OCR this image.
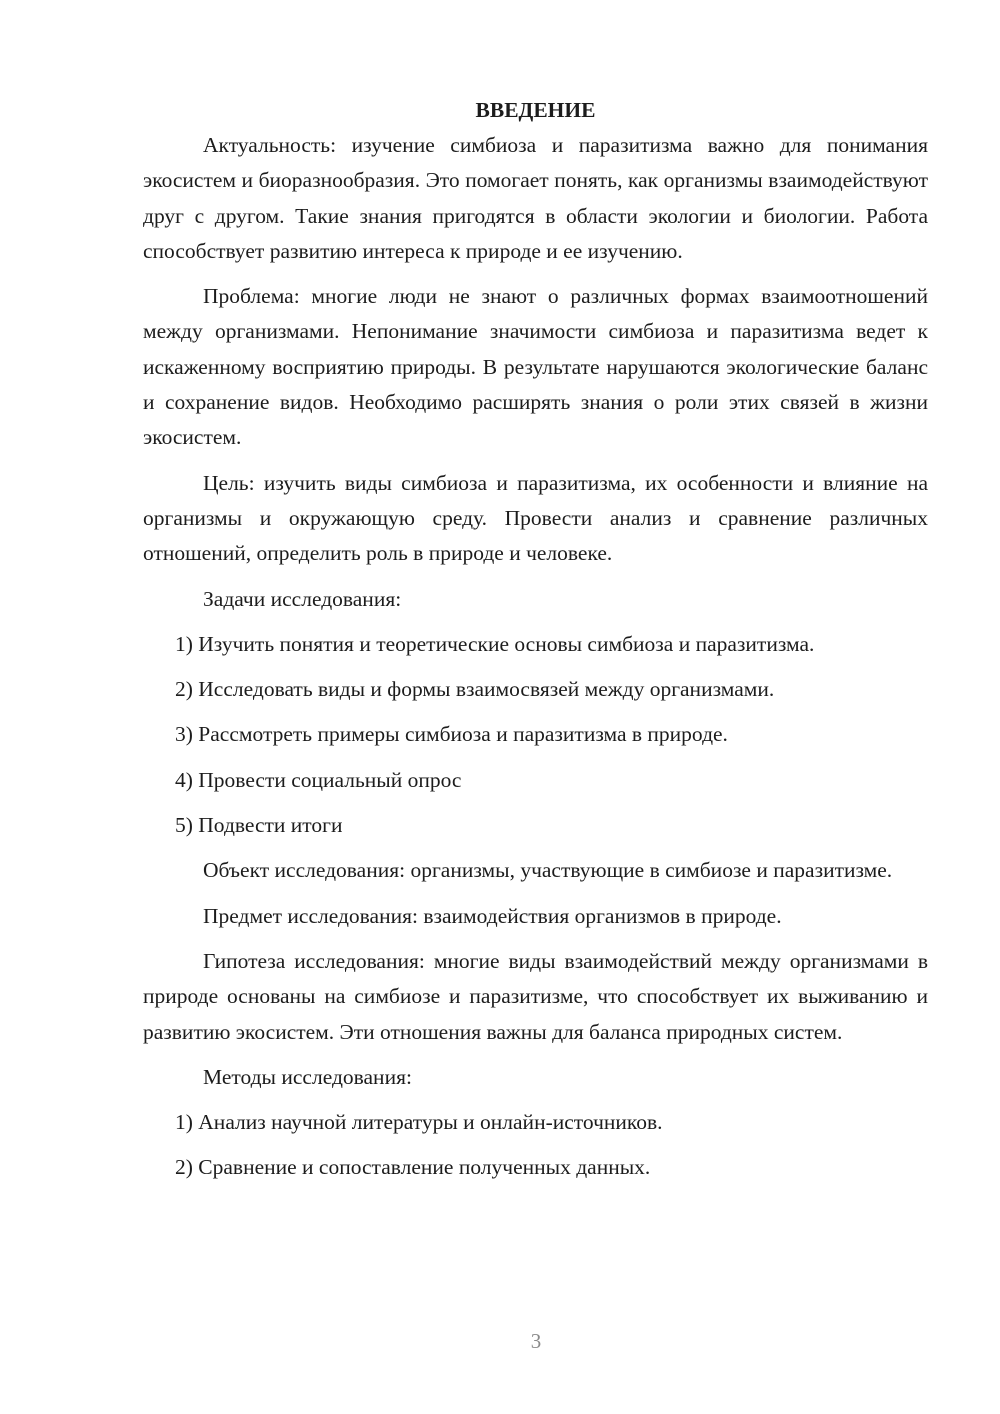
ВВЕДЕНИЕ

Актуальность: изучение симбиоза и паразитизма важно для понимания экосистем и биоразнообразия. Это помогает понять, как организмы взаимодействуют друг с другом. Такие знания пригодятся в области экологии и биологии. Работа способствует развитию интереса к природе и ее изучению.

Проблема: многие люди не знают о различных формах взаимоотношений между организмами. Непонимание значимости симбиоза и паразитизма ведет к искаженному восприятию природы. В результате нарушаются экологические баланс и сохранение видов. Необходимо расширять знания о роли этих связей в жизни экосистем.

Цель: изучить виды симбиоза и паразитизма, их особенности и влияние на организмы и окружающую среду. Провести анализ и сравнение различных отношений, определить роль в природе и человеке.

Задачи исследования:

1) Изучить понятия и теоретические основы симбиоза и паразитизма.

2) Исследовать виды и формы взаимосвязей между организмами.

3) Рассмотреть примеры симбиоза и паразитизма в природе.

4) Провести социальный опрос

5) Подвести итоги

Объект исследования: организмы, участвующие в симбиозе и паразитизме.

Предмет исследования: взаимодействия организмов в природе.

Гипотеза исследования: многие виды взаимодействий между организмами в природе основаны на симбиозе и паразитизме, что способствует их выживанию и развитию экосистем. Эти отношения важны для баланса природных систем.

Методы исследования:

1) Анализ научной литературы и онлайн-источников.

2) Сравнение и сопоставление полученных данных.

3
